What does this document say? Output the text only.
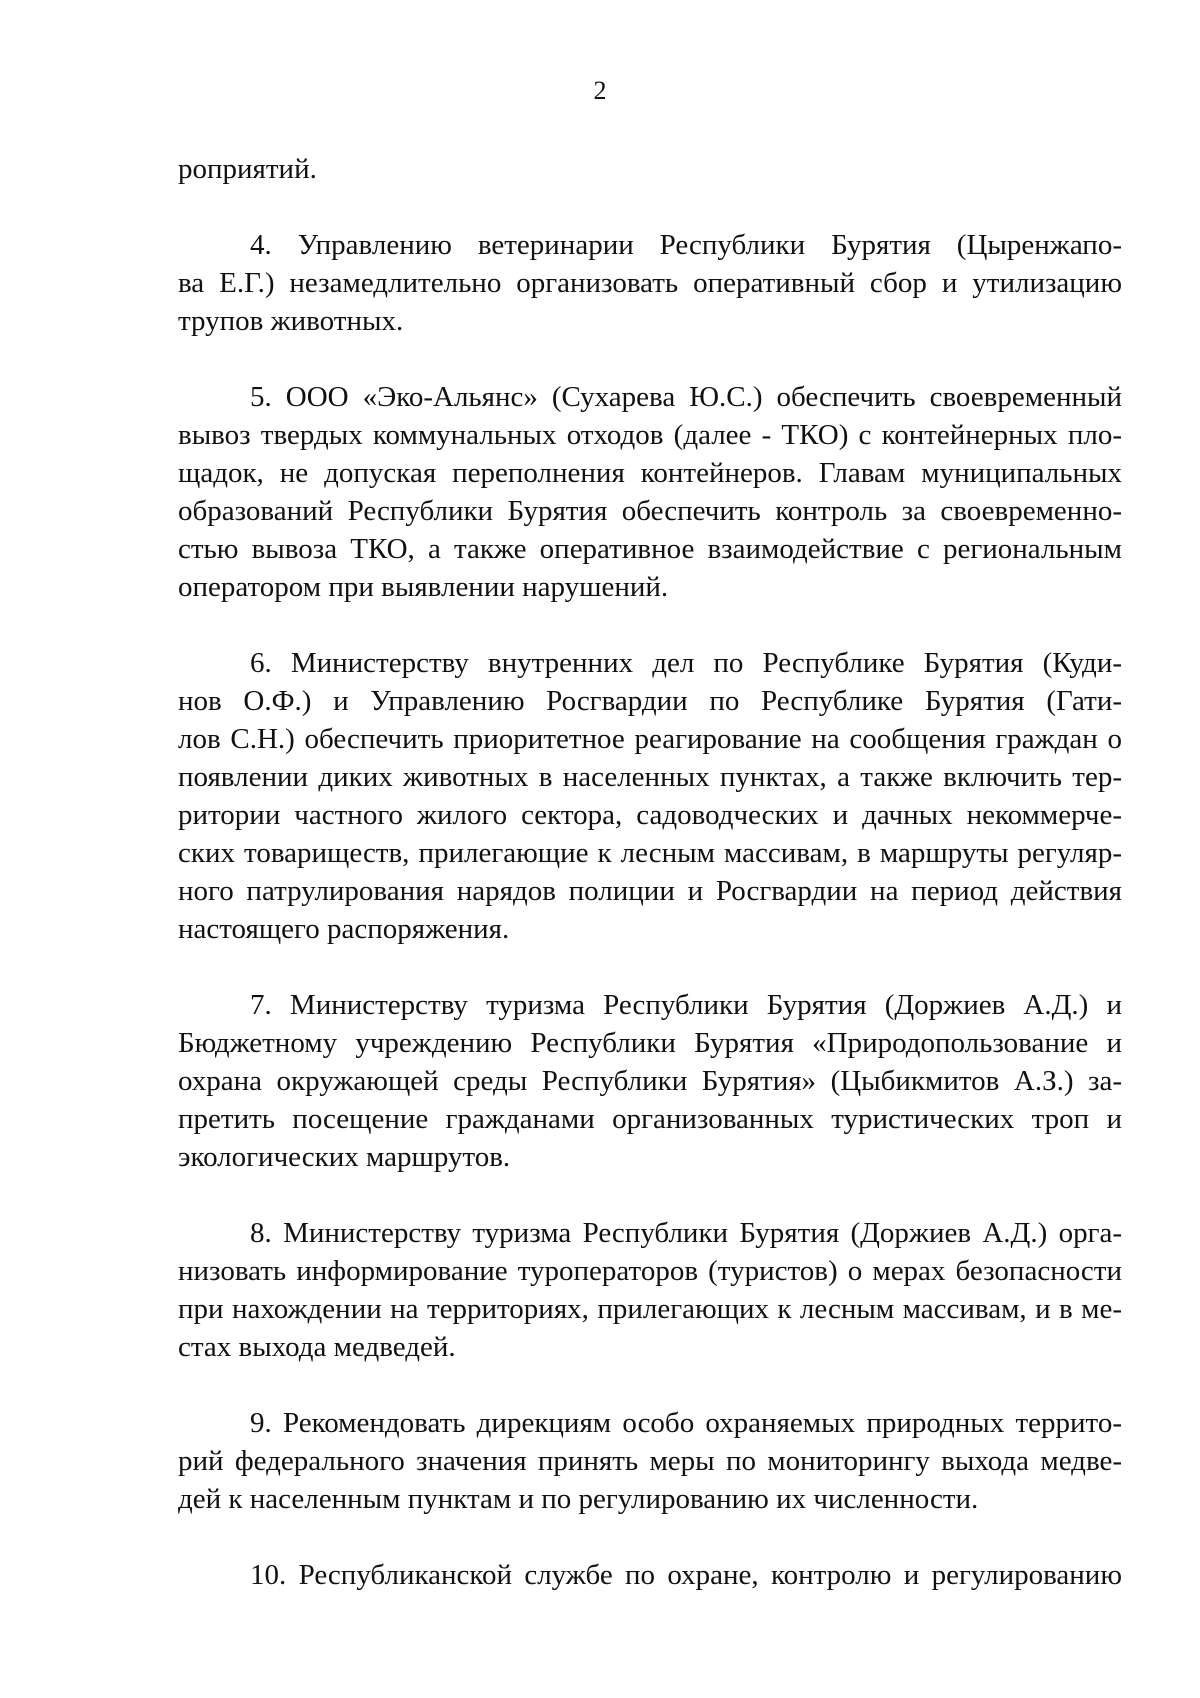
2
роприятий.
4. Управлению ветеринарии Республики Бурятия (Цыренжапо-
ва Е.Г.) незамедлительно организовать оперативный сбор и утилизацию
трупов животных.
5. ООО «Эко-Альянс» (Сухарева Ю.С.) обеспечить своевременный
вывоз твердых коммунальных отходов (далее - ТКО) с контейнерных пло-
щадок, не допуская переполнения контейнеров. Главам муниципальных
образований Республики Бурятия обеспечить контроль за своевременно-
стью вывоза ТКО, а также оперативное взаимодействие с региональным
оператором при выявлении нарушений.
6. Министерству внутренних дел по Республике Бурятия (Куди-
нов О.Ф.) и Управлению Росгвардии по Республике Бурятия (Гати-
лов С.Н.) обеспечить приоритетное реагирование на сообщения граждан о
появлении диких животных в населенных пунктах, а также включить тер-
ритории частного жилого сектора, садоводческих и дачных некоммерче-
ских товариществ, прилегающие к лесным массивам, в маршруты регуляр-
ного патрулирования нарядов полиции и Росгвардии на период действия
настоящего распоряжения.
7. Министерству туризма Республики Бурятия (Доржиев А.Д.) и
Бюджетному учреждению Республики Бурятия «Природопользование и
охрана окружающей среды Республики Бурятия» (Цыбикмитов А.З.) за-
претить посещение гражданами организованных туристических троп и
экологических маршрутов.
8. Министерству туризма Республики Бурятия (Доржиев А.Д.) орга-
низовать информирование туроператоров (туристов) о мерах безопасности
при нахождении на территориях, прилегающих к лесным массивам, и в ме-
стах выхода медведей.
9. Рекомендовать дирекциям особо охраняемых природных террито-
рий федерального значения принять меры по мониторингу выхода медве-
дей к населенным пунктам и по регулированию их численности.
10. Республиканской службе по охране, контролю и регулированию
